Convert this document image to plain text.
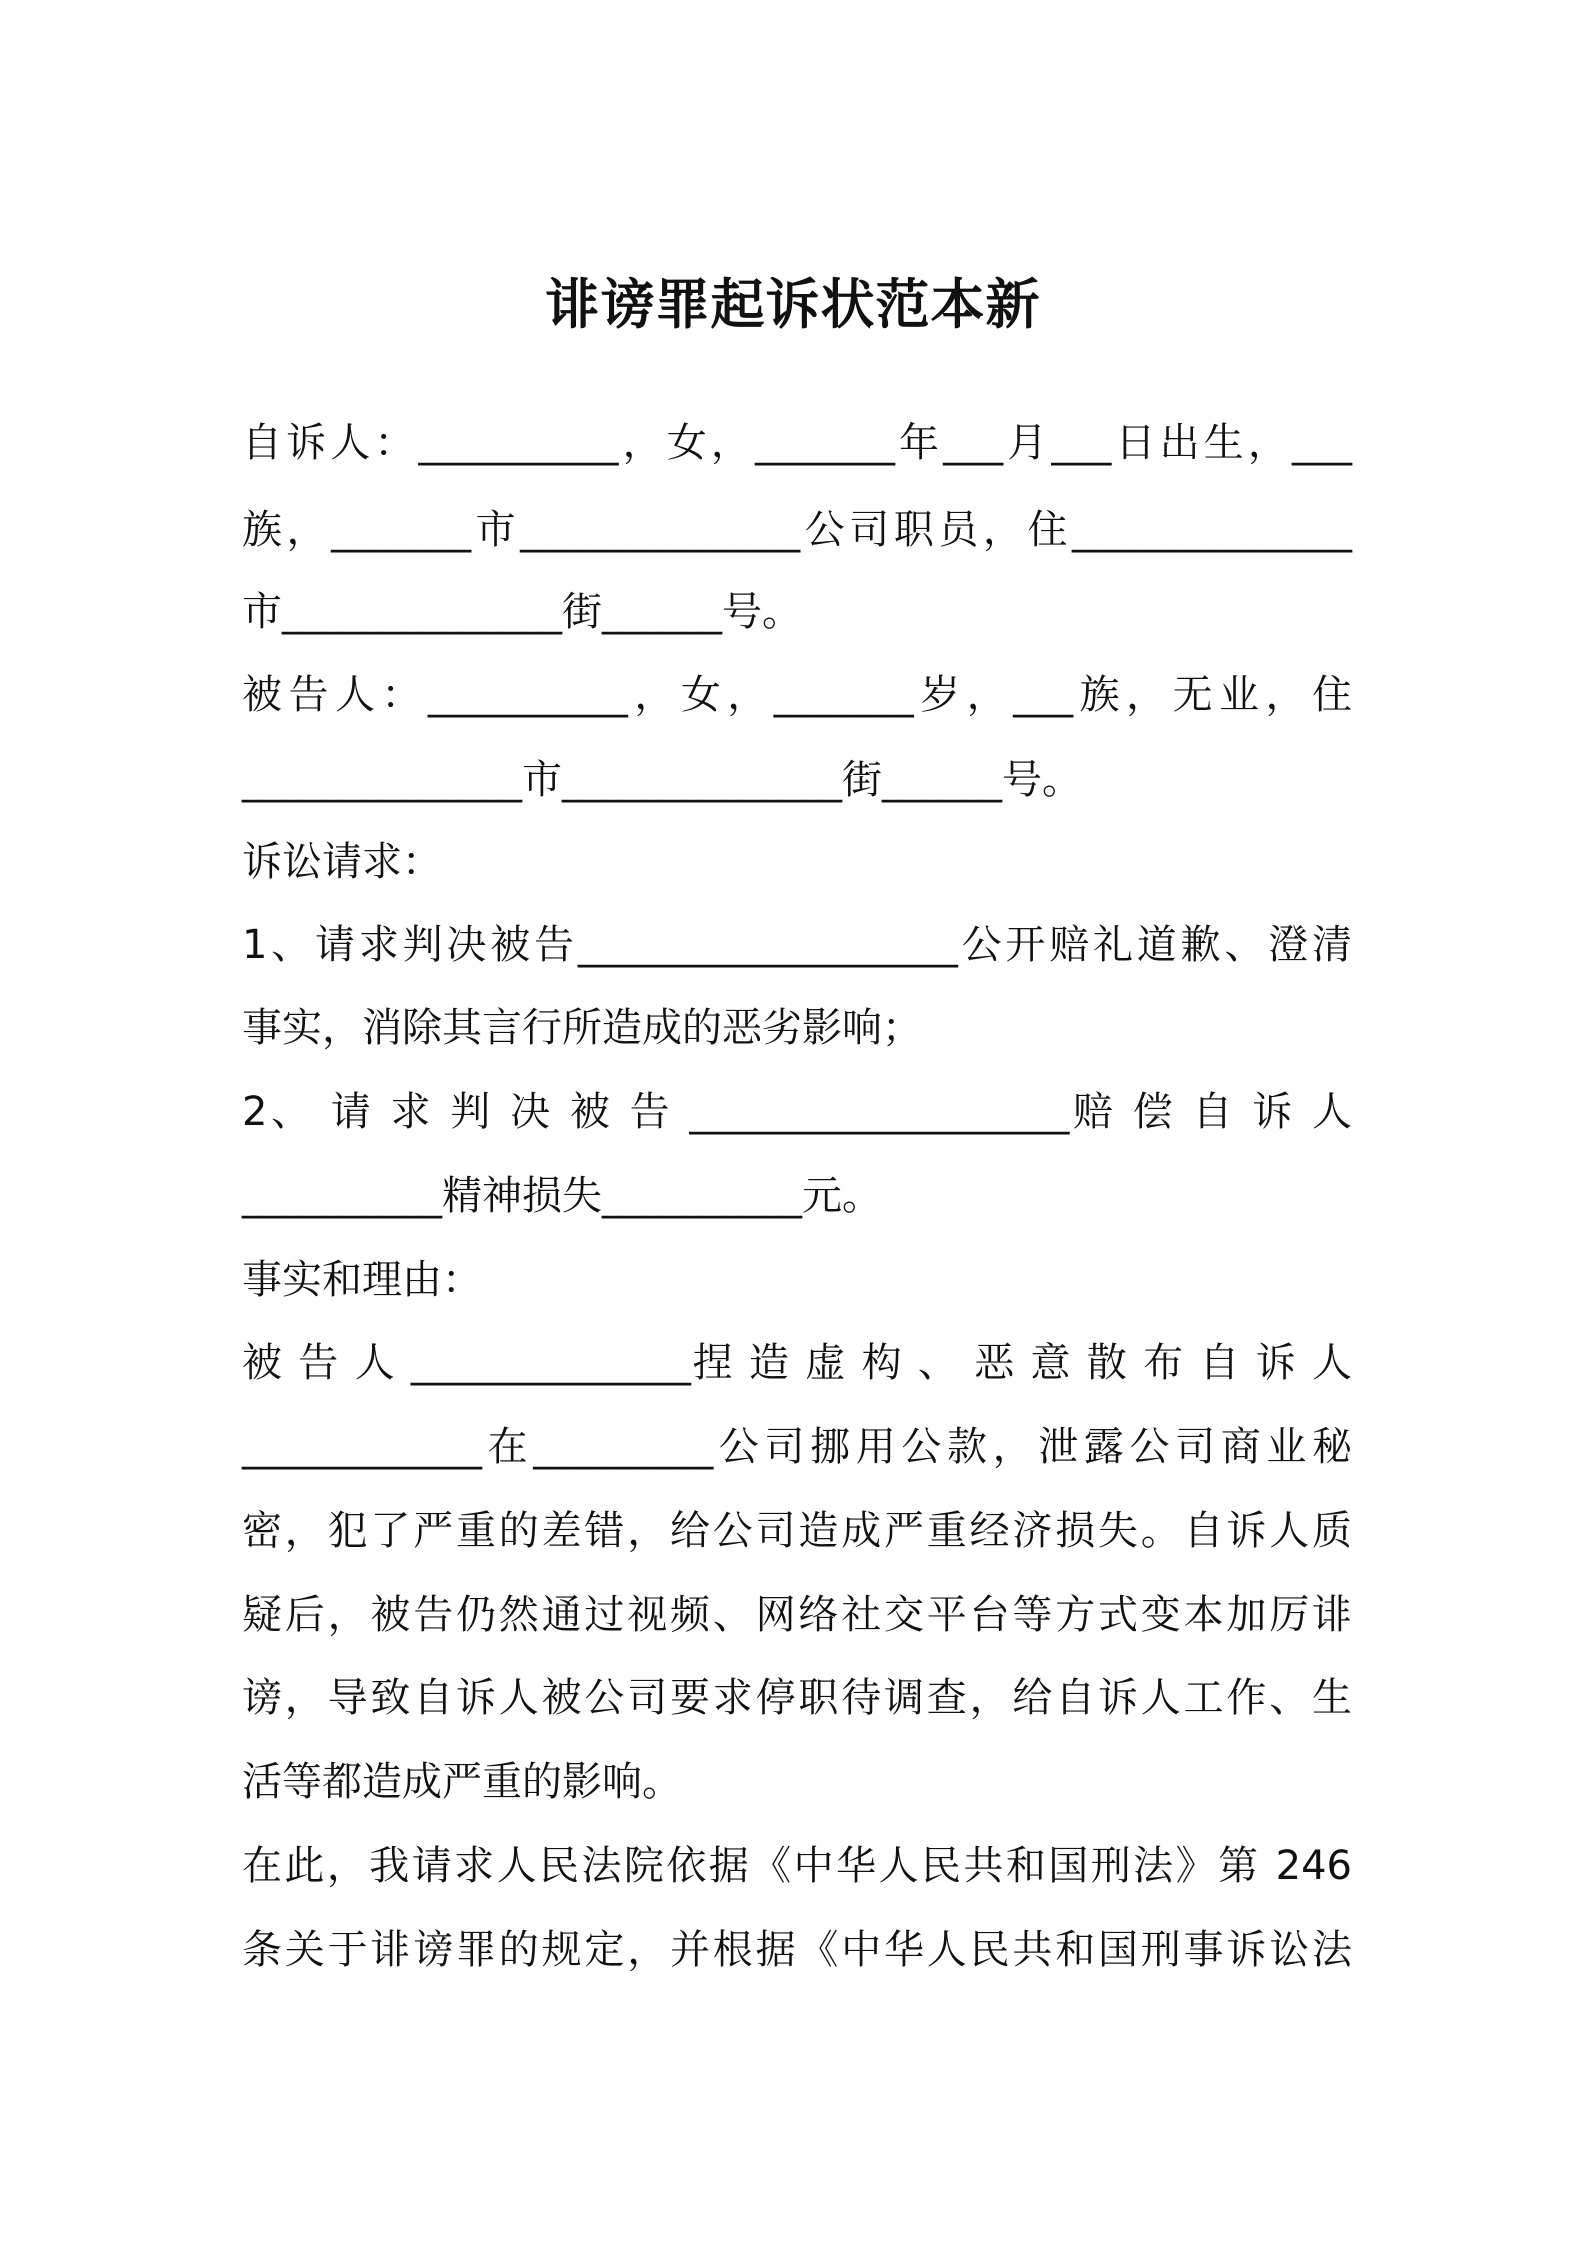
诽谤罪起诉状范本新

自诉人：__________，女，_______年___月___日出生，___

族，_______市______________公司职员，住______________

市______________街______号。

被告人：__________，女，_______岁，___族，无业，住

______________市______________街______号。

诉讼请求：

1、请求判决被告___________________公开赔礼道歉、澄清

事实，消除其言行所造成的恶劣影响；

2、 请 求 判 决 被 告 ___________________赔 偿 自 诉 人

__________精神损失__________元。

事实和理由：

被 告 人 ______________捏 造 虚 构 、 恶 意 散 布 自 诉 人

____________在_________公司挪用公款，泄露公司商业秘

密，犯了严重的差错，给公司造成严重经济损失。自诉人质

疑后，被告仍然通过视频、网络社交平台等方式变本加厉诽

谤，导致自诉人被公司要求停职待调查，给自诉人工作、生

活等都造成严重的影响。

在此，我请求人民法院依据《中华人民共和国刑法》第 246

条关于诽谤罪的规定，并根据《中华人民共和国刑事诉讼法
